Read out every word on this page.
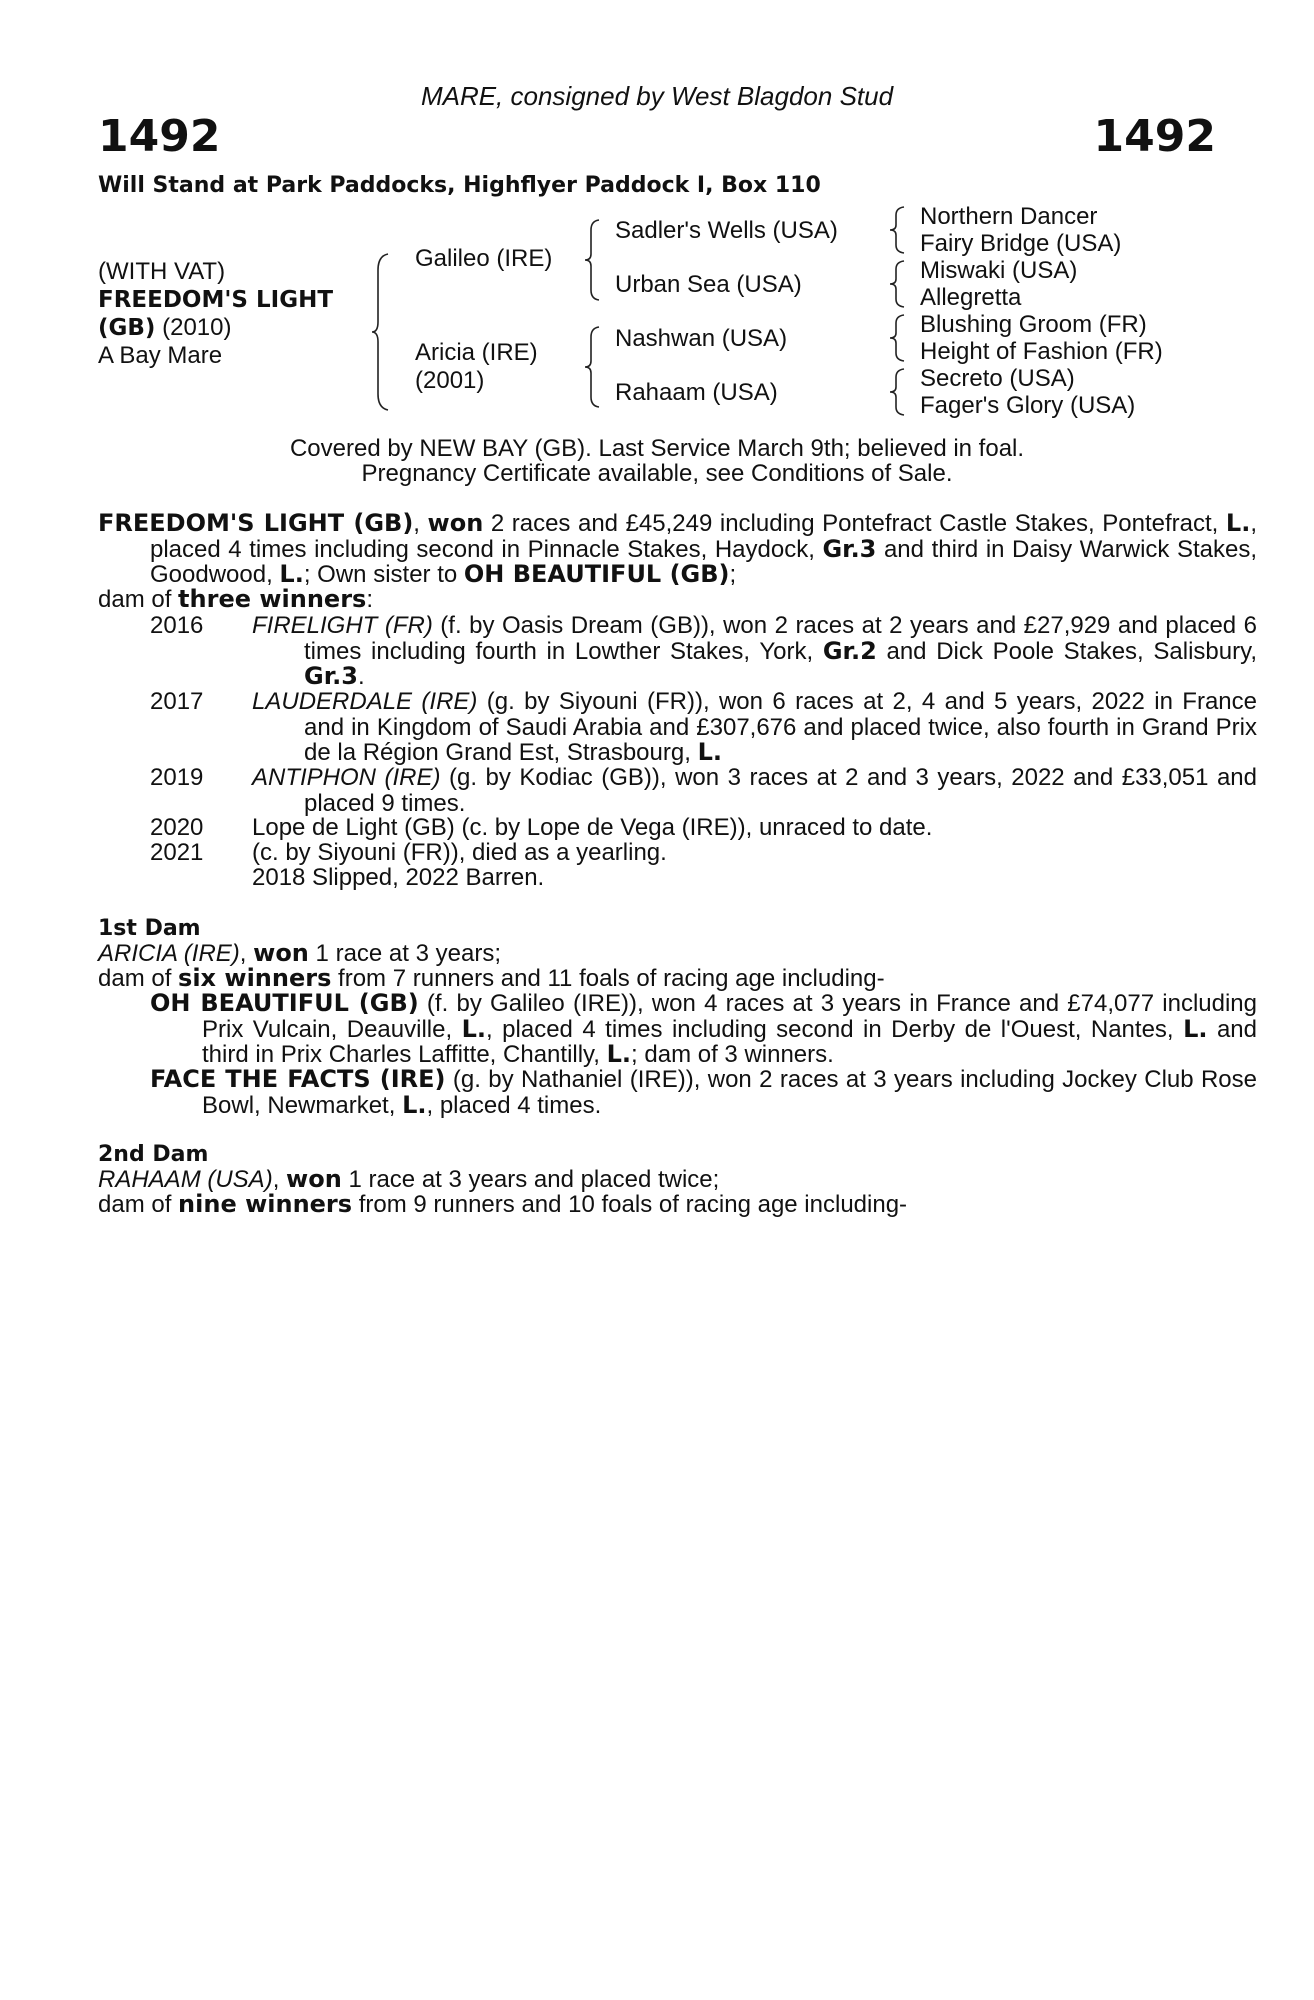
1492	1492
MARE, consigned by West Blagdon Stud
Will Stand at Park Paddocks, Highflyer Paddock I, Box 110
(WITH VAT)
FREEDOM'S LIGHT
(GB) (2010)
A Bay Mare
Galileo (IRE)
Aricia (IRE)
(2001)
Sadler's Wells (USA)
Urban Sea (USA)
Nashwan (USA)
Rahaam (USA)
Northern Dancer
Fairy Bridge (USA)
Miswaki (USA)
Allegretta
Blushing Groom (FR)
Height of Fashion (FR)
Secreto (USA)
Fager's Glory (USA)
Covered by NEW BAY (GB). Last Service March 9th; believed in foal.
Pregnancy Certificate available, see Conditions of Sale.
FREEDOM'S LIGHT (GB), won 2 races and £45,249 including Pontefract Castle Stakes, Pontefract, L., placed 4 times including second in Pinnacle Stakes, Haydock, Gr.3 and third in Daisy Warwick Stakes, Goodwood, L.; Own sister to OH BEAUTIFUL (GB);
dam of three winners:
2016 FIRELIGHT (FR) (f. by Oasis Dream (GB)), won 2 races at 2 years and £27,929 and placed 6 times including fourth in Lowther Stakes, York, Gr.2 and Dick Poole Stakes, Salisbury, Gr.3.
2017 LAUDERDALE (IRE) (g. by Siyouni (FR)), won 6 races at 2, 4 and 5 years, 2022 in France and in Kingdom of Saudi Arabia and £307,676 and placed twice, also fourth in Grand Prix de la Région Grand Est, Strasbourg, L.
2019 ANTIPHON (IRE) (g. by Kodiac (GB)), won 3 races at 2 and 3 years, 2022 and £33,051 and placed 9 times.
2020 Lope de Light (GB) (c. by Lope de Vega (IRE)), unraced to date.
2021 (c. by Siyouni (FR)), died as a yearling.
2018 Slipped, 2022 Barren.
1st Dam
ARICIA (IRE), won 1 race at 3 years;
dam of six winners from 7 runners and 11 foals of racing age including-
OH BEAUTIFUL (GB) (f. by Galileo (IRE)), won 4 races at 3 years in France and £74,077 including Prix Vulcain, Deauville, L., placed 4 times including second in Derby de l'Ouest, Nantes, L. and third in Prix Charles Laffitte, Chantilly, L.; dam of 3 winners.
FACE THE FACTS (IRE) (g. by Nathaniel (IRE)), won 2 races at 3 years including Jockey Club Rose Bowl, Newmarket, L., placed 4 times.
2nd Dam
RAHAAM (USA), won 1 race at 3 years and placed twice;
dam of nine winners from 9 runners and 10 foals of racing age including-
